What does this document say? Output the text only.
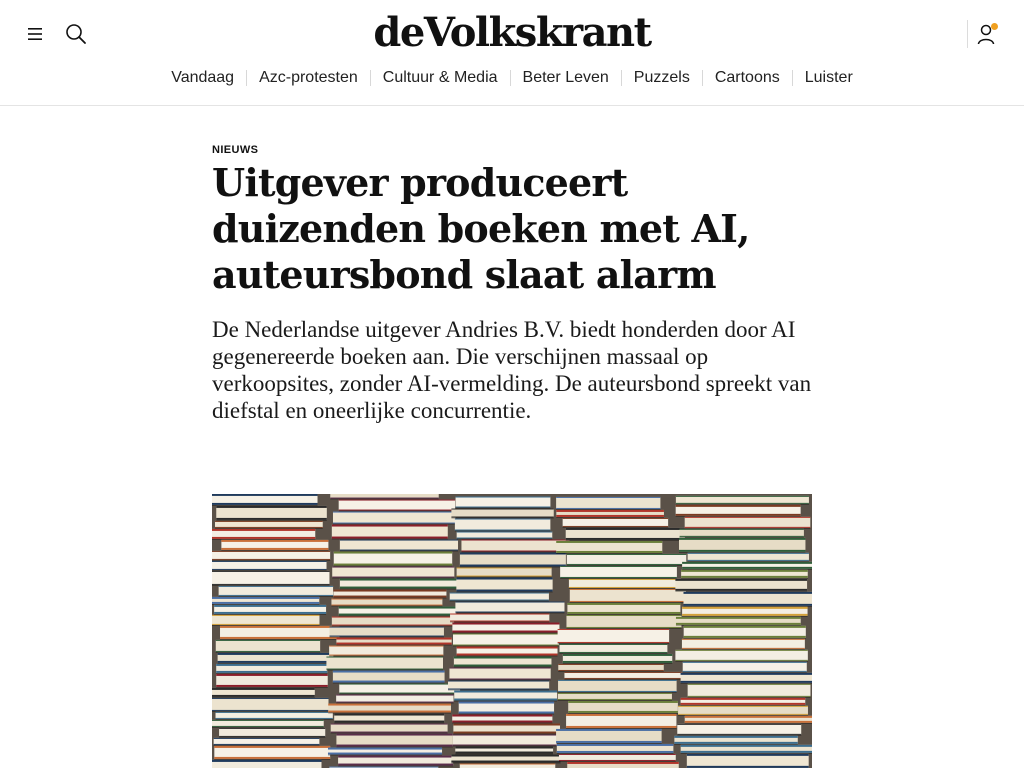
deVolkskrant
Vandaag	Azc-protesten	Cultuur & Media	Beter Leven	Puzzels	Cartoons	Luister
NIEUWS
Uitgever produceert duizenden boeken met AI, auteursbond slaat alarm

De Nederlandse uitgever Andries B.V. biedt honderden door AI gegenereerde boeken aan. Die verschijnen massaal op verkoopsites, zonder AI-vermelding. De auteursbond spreekt van diefstal en oneerlijke concurrentie.
